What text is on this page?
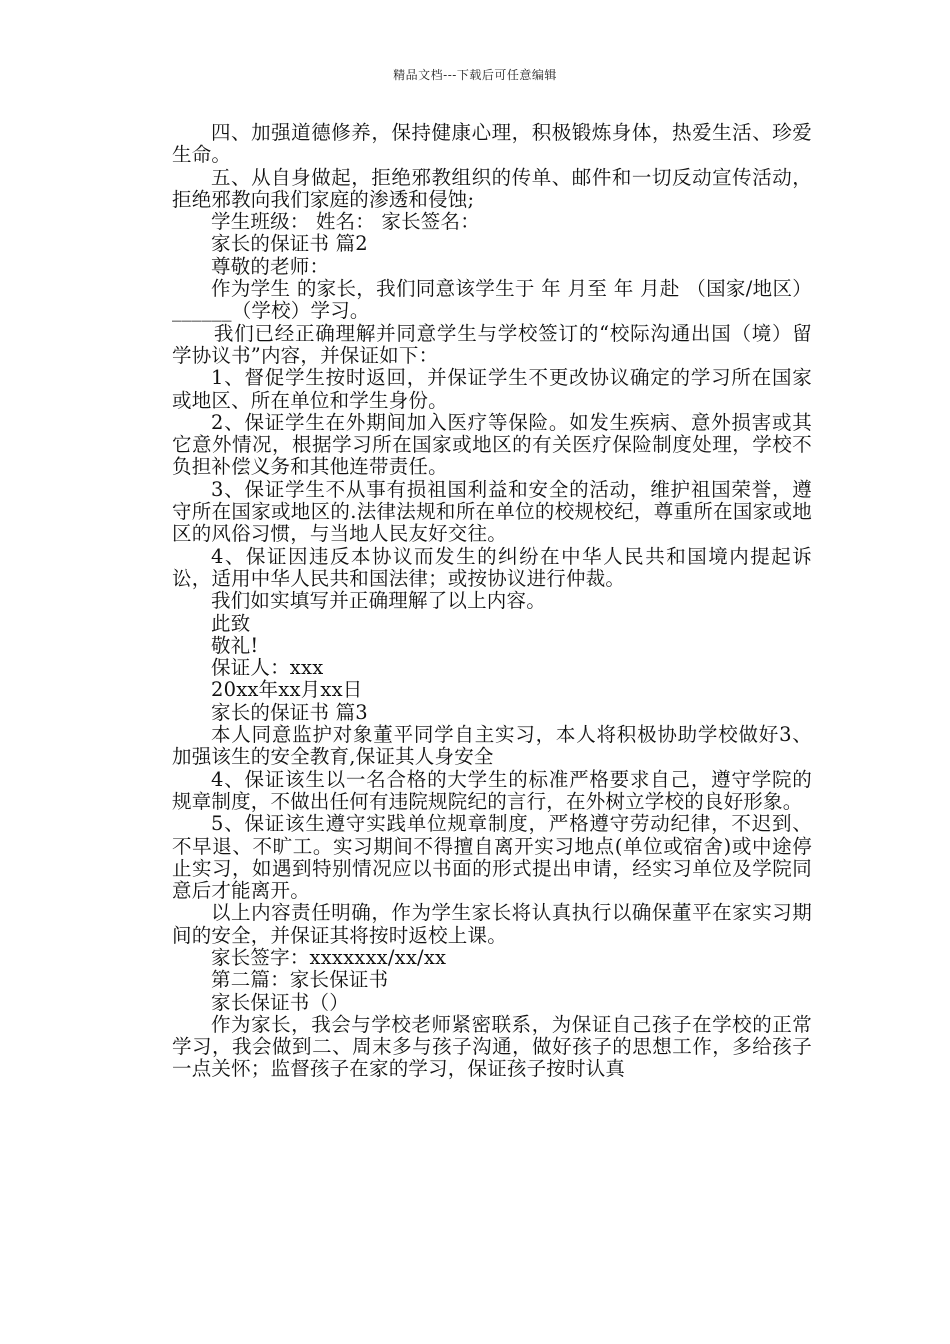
精品文档---下载后可任意编辑

四、加强道德修养，保持健康心理，积极锻炼身体，热爱生活、珍爱生命。

五、从自身做起，拒绝邪教组织的传单、邮件和一切反动宣传活动，拒绝邪教向我们家庭的渗透和侵蚀;

学生班级： 姓名： 家长签名：

家长的保证书 篇2

尊敬的老师：

作为学生 的家长，我们同意该学生于 年 月至 年 月赴 （国家/地区）______（学校）学习。

我们已经正确理解并同意学生与学校签订的“校际沟通出国（境）留学协议书”内容，并保证如下：

1、督促学生按时返回，并保证学生不更改协议确定的学习所在国家或地区、所在单位和学生身份。

2、保证学生在外期间加入医疗等保险。如发生疾病、意外损害或其它意外情况，根据学习所在国家或地区的有关医疗保险制度处理，学校不负担补偿义务和其他连带责任。

3、保证学生不从事有损祖国利益和安全的活动，维护祖国荣誉，遵守所在国家或地区的.法律法规和所在单位的校规校纪，尊重所在国家或地区的风俗习惯，与当地人民友好交往。

4、保证因违反本协议而发生的纠纷在中华人民共和国境内提起诉讼，适用中华人民共和国法律；或按协议进行仲裁。

我们如实填写并正确理解了以上内容。

此致

敬礼!

保证人：xxx

20xx年xx月xx日

家长的保证书 篇3

本人同意监护对象董平同学自主实习，本人将积极协助学校做好3、加强该生的安全教育,保证其人身安全

4、保证该生以一名合格的大学生的标准严格要求自己，遵守学院的规章制度，不做出任何有违院规院纪的言行，在外树立学校的良好形象。

5、保证该生遵守实践单位规章制度，严格遵守劳动纪律，不迟到、不早退、不旷工。实习期间不得擅自离开实习地点(单位或宿舍)或中途停止实习，如遇到特别情况应以书面的形式提出申请，经实习单位及学院同意后才能离开。

以上内容责任明确，作为学生家长将认真执行以确保董平在家实习期间的安全，并保证其将按时返校上课。

家长签字：xxxxxxx/xx/xx

第二篇：家长保证书

家长保证书（）

作为家长，我会与学校老师紧密联系，为保证自己孩子在学校的正常学习，我会做到二、周末多与孩子沟通，做好孩子的思想工作，多给孩子一点关怀；监督孩子在家的学习，保证孩子按时认真
